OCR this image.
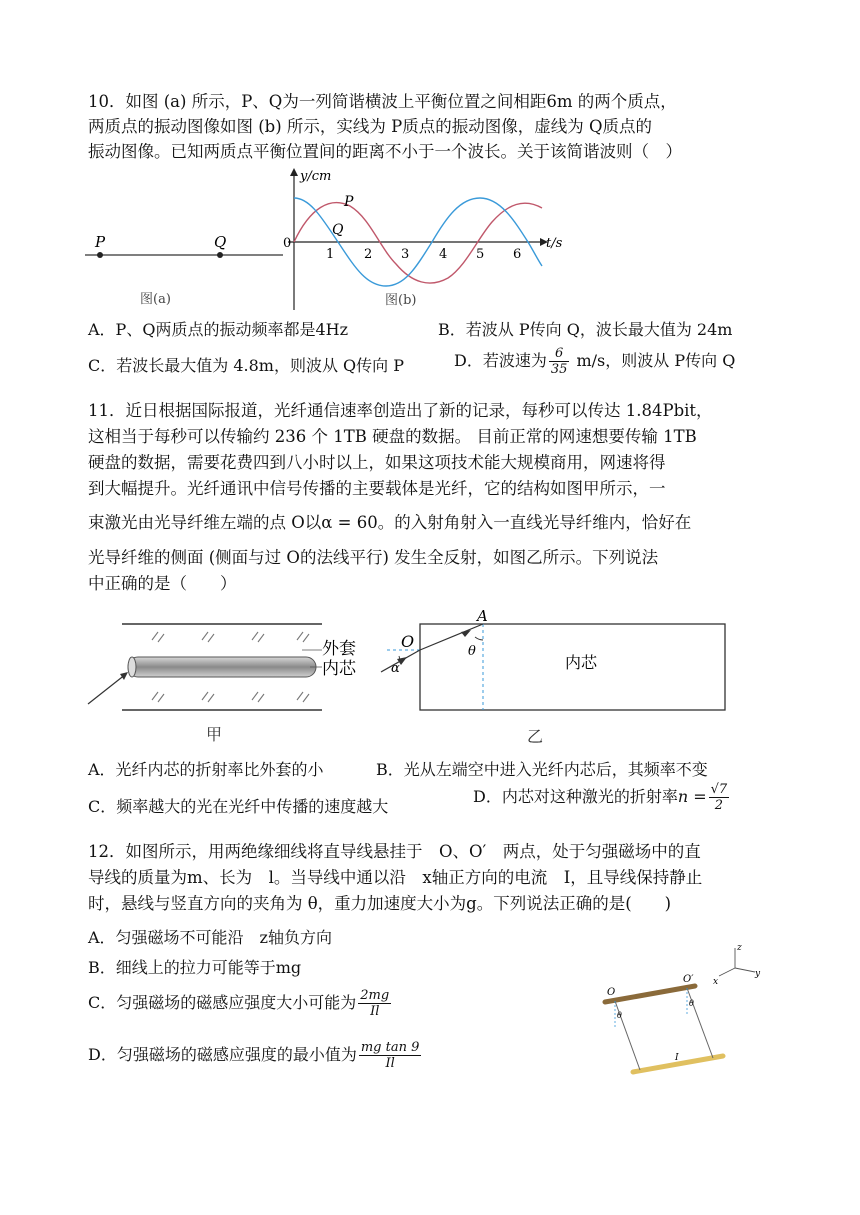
10．如图 (a) 所示，P、Q为一列简谐横波上平衡位置之间相距6m 的两个质点，
两质点的振动图像如图 (b) 所示，实线为 P质点的振动图像，虚线为 Q质点的
振动图像。已知两质点平衡位置间的距离不小于一个波长。关于该简谐波则（　）
P	Q
图(a)
y/cm
t/s
0
1 2 3 4 5 6
P
Q
图(b)
A．P、Q两质点的振动频率都是4Hz	B．若波从 P传向 Q，波长最大值为 24m
C．若波长最大值为 4.8m，则波从 Q传向 P	D．若波速为 $\frac{6}{35} m/s$，则波从 P传向 Q
11．近日根据国际报道，光纤通信速率创造出了新的记录，每秒可以传达 1.84Pbit，
这相当于每秒可以传输约 236 个 1TB 硬盘的数据。 目前正常的网速想要传输 1TB
硬盘的数据，需要花费四到八小时以上，如果这项技术能大规模商用，网速将得
到大幅提升。光纤通讯中信号传播的主要载体是光纤，它的结构如图甲所示，一
束激光由光导纤维左端的点 O以α = 60。的入射角射入一直线光导纤维内，恰好在
光导纤维的侧面 (侧面与过 O的法线平行) 发生全反射，如图乙所示。下列说法
中正确的是（　　）
外套
内芯
甲
O
A
α
θ
内芯
乙
A．光纤内芯的折射率比外套的小	B．光从左端空中进入光纤内芯后，其频率不变
C．频率越大的光在光纤中传播的速度越大
D．内芯对这种激光的折射率$n = \frac{√7}{2}$
12．如图所示，用两绝缘细线将直导线悬挂于　O、O′　两点，处于匀强磁场中的直
导线的质量为m、长为　l。当导线中通以沿　x轴正方向的电流　I，且导线保持静止
时，悬线与竖直方向的夹角为 θ，重力加速度大小为g。下列说法正确的是(　　)
A．匀强磁场不可能沿　z轴负方向
B．细线上的拉力可能等于mg
C．匀强磁场的磁感应强度大小可能为 $\frac{2mg}{Il}$
D．匀强磁场的磁感应强度的最小值为 $\frac{\text{mg tan 9}}{Il}$
z
x
y
O
O′
θ
θ
I
